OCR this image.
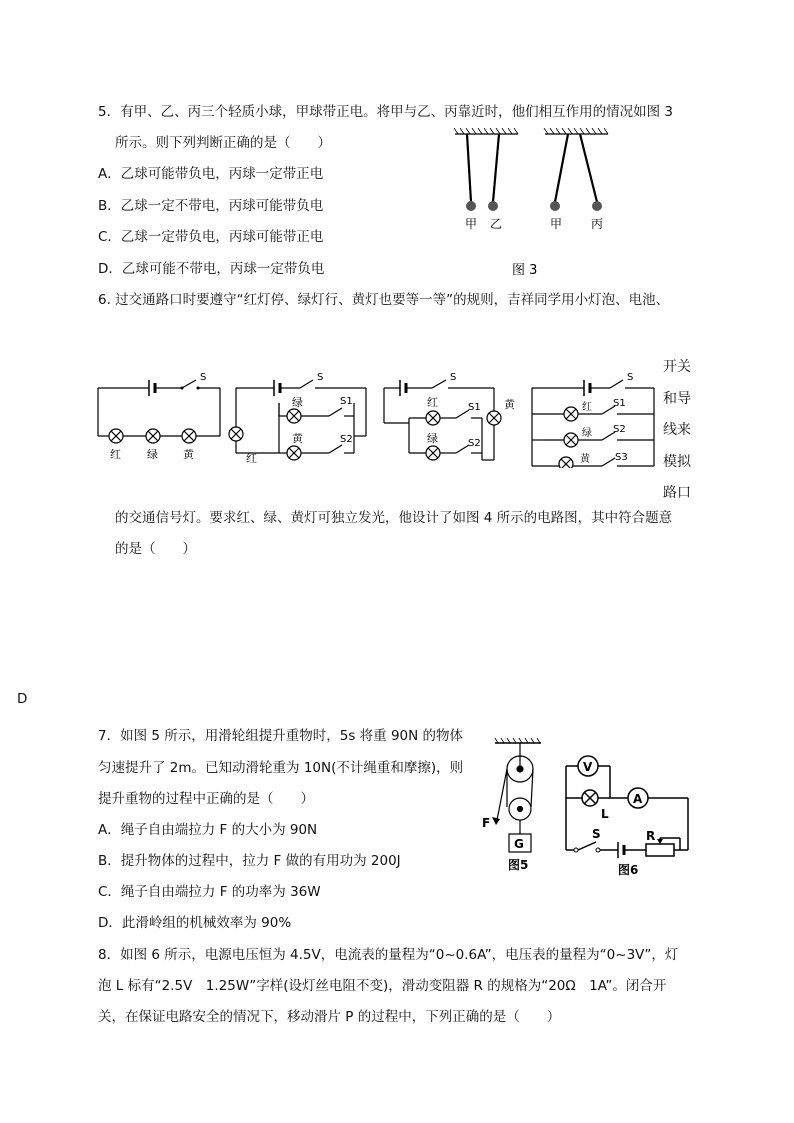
5．有甲、乙、丙三个轻质小球，甲球带正电。将甲与乙、丙靠近时，他们相互作用的情况如图 3
所示。则下列判断正确的是（　　）
A．乙球可能带负电，丙球一定带正电
B．乙球一定不带电，丙球可能带负电
C．乙球一定带负电，丙球可能带正电
D．乙球可能不带电，丙球一定带负电
甲 乙	甲 丙
图 3
6. 过交通路口时要遵守“红灯停、绿灯行、黄灯也要等一等”的规则，吉祥同学用小灯泡、电池、
开关
和导
线来
模拟
路口
S
红 绿 黄
S
红
绿
黄
S1
S2
S
红
绿
黄
S1
S2
S
红
绿
黄
S1
S2
S3
的交通信号灯。要求红、绿、黄灯可独立发光，他设计了如图 4 所示的电路图，其中符合题意
的是（　　）
D
7．如图 5 所示，用滑轮组提升重物时，5s 将重 90N 的物体
匀速提升了 2m。已知动滑轮重为 10N(不计绳重和摩擦)，则
提升重物的过程中正确的是（　　）
A．绳子自由端拉力 F 的大小为 90N
B．提升物体的过程中，拉力 F 做的有用功为 200J
C．绳子自由端拉力 F 的功率为 36W
D．此滑岭组的机械效率为 90%
F
G
图5
V
A
L
S	R
图6
8．如图 6 所示，电源电压恒为 4.5V，电流表的量程为“0~0.6A”，电压表的量程为“0~3V”，灯
泡 L 标有“2.5V　1.25W”字样(设灯丝电阻不变)，滑动变阻器 R 的规格为“20Ω　1A”。闭合开
关，在保证电路安全的情况下，移动滑片 P 的过程中，下列正确的是（　　）
